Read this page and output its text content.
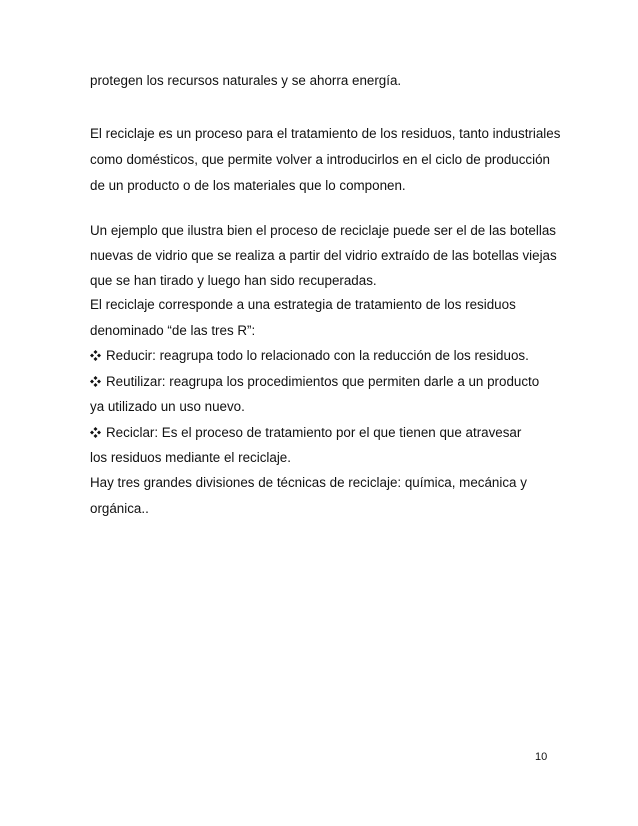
protegen los recursos naturales y se ahorra energía.
El reciclaje es un proceso para el tratamiento de los residuos, tanto industriales
como domésticos, que permite volver a introducirlos en el ciclo de producción
de un producto o de los materiales que lo componen.
Un ejemplo que ilustra bien el proceso de reciclaje puede ser el de las botellas
nuevas de vidrio que se realiza a partir del vidrio extraído de las botellas viejas
que se han tirado y luego han sido recuperadas.
El reciclaje corresponde a una estrategia de tratamiento de los residuos
denominado “de las tres R”:
Reducir: reagrupa todo lo relacionado con la reducción de los residuos.
Reutilizar: reagrupa los procedimientos que permiten darle a un producto
ya utilizado un uso nuevo.
Reciclar: Es el proceso de tratamiento por el que tienen que atravesar
los residuos mediante el reciclaje.
Hay tres grandes divisiones de técnicas de reciclaje: química, mecánica y
orgánica..
10
